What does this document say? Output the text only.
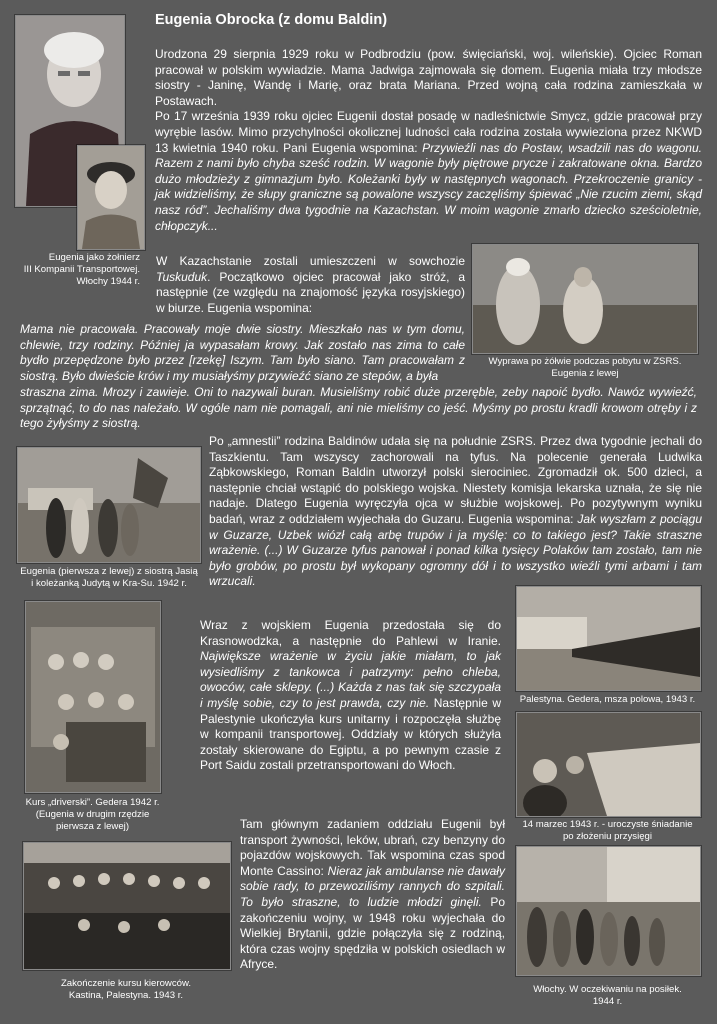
Eugenia Obrocka (z domu Baldin)
Eugenia jako żołnierz
III Kompanii Transportowej.
Włochy 1944 r.

Urodzona 29 sierpnia 1929 roku w Podbrodziu (pow. święciański, woj. wileńskie). Ojciec Roman pracował w polskim wywiadzie. Mama Jadwiga zajmowała się domem. Eugenia miała trzy młodsze siostry - Janinę, Wandę i Marię, oraz brata Mariana. Przed wojną cała rodzina zamieszkała w Postawach.

Po 17 września 1939 roku ojciec Eugenii dostał posadę w nadleśnictwie Smycz, gdzie pracował przy wyrębie lasów. Mimo przychylności okolicznej ludności cała rodzina została wywieziona przez NKWD 13 kwietnia 1940 roku. Pani Eugenia wspomina: Przywieźli nas do Postaw, wsadzili nas do wagonu. Razem z nami było chyba sześć rodzin. W wagonie były piętrowe prycze i zakratowane okna. Bardzo dużo młodzieży z gimnazjum było. Koleżanki były w następnych wagonach. Przekroczenie granicy - jak widzieliśmy, że słupy graniczne są powalone wszyscy zaczęliśmy śpiewać „Nie rzucim ziemi, skąd nasz ród”. Jechaliśmy dwa tygodnie na Kazachstan. W moim wagonie zmarło dziecko sześcioletnie, chłopczyk...

W Kazachstanie zostali umieszczeni w sowchozie Tuskuduk. Początkowo ojciec pracował jako stróż, a następnie (ze względu na znajomość języka rosyjskiego) w biurze. Eugenia wspomina:
Wyprawa po żółwie podczas pobytu w ZSRS.
Eugenia z lewej
Mama nie pracowała. Pracowały moje dwie siostry. Mieszkało nas w tym domu, chlewie, trzy rodziny. Później ja wypasałam krowy. Jak zostało nas zima to całe bydło przepędzone było przez [rzekę] Iszym. Tam było siano. Tam pracowałam z siostrą. Było dwieście krów i my musiałyśmy przywieźć siano ze stepów, a była
straszna zima. Mrozy i zawieje. Oni to nazywali buran. Musieliśmy robić duże przeręble, zeby napoić bydło. Nawóz wywieźć, sprzątnąć, to do nas należało. W ogóle nam nie pomagali, ani nie mieliśmy co jeść. Myśmy po prostu kradli krowom otręby i z tego żyłyśmy z siostrą.
Eugenia (pierwsza z lewej) z siostrą Jasią
i koleżanką Judytą w Kra-Su. 1942 r.
Po „amnestii” rodzina Baldinów udała się na południe ZSRS. Przez dwa tygodnie jechali do Taszkientu. Tam wszyscy zachorowali na tyfus. Na polecenie generała Ludwika Ząbkowskiego, Roman Baldin utworzył polski sierociniec. Zgromadził ok. 500 dzieci, a następnie chciał wstąpić do polskiego wojska. Niestety komisja lekarska uznała, że się nie nadaje. Dlatego Eugenia wyręczyła ojca w służbie wojskowej. Po pozytywnym wyniku badań, wraz z oddziałem wyjechała do Guzaru. Eugenia wspomina: Jak wyszłam z pociągu w Guzarze, Uzbek wiózł całą arbę trupów i ja myślę: co to takiego jest? Takie straszne wrażenie. (...) W Guzarze tyfus panował i ponad kilka tysięcy Polaków tam zostało, tam nie było grobów, po prostu był wykopany ogromny dół i to wszystko wieźli tymi arbami i tam wrzucali.
Kurs „driverski”. Gedera 1942 r.
(Eugenia w drugim rzędzie
pierwsza z lewej)
Wraz z wojskiem Eugenia przedostała się do Krasnowodzka, a następnie do Pahlewi w Iranie. Największe wrażenie w życiu jakie miałam, to jak wysiedliśmy z tankowca i patrzymy: pełno chleba, owoców, całe sklepy. (...) Każda z nas tak się szczypała i myślę sobie, czy to jest prawda, czy nie. Następnie w Palestynie ukończyła kurs unitarny i rozpoczęła służbę w kompanii transportowej. Oddziały w których służyła zostały skierowane do Egiptu, a po pewnym czasie z Port Saidu zostali przetransportowani do Włoch.
Palestyna. Gedera, msza polowa, 1943 r.
14 marzec 1943 r. - uroczyste śniadanie
po złożeniu przysięgi
Zakończenie kursu kierowców.
Kastina, Palestyna. 1943 r.
Tam głównym zadaniem oddziału Eugenii był transport żywności, leków, ubrań, czy benzyny do pojazdów wojskowych. Tak wspomina czas spod Monte Cassino: Nieraz jak ambulanse nie dawały sobie rady, to przewoziliśmy rannych do szpitali. To było straszne, to ludzie młodzi ginęli. Po zakończeniu wojny, w 1948 roku wyjechała do Wielkiej Brytanii, gdzie połączyła się z rodziną, która czas wojny spędziła w polskich osiedlach w Afryce.
Włochy. W oczekiwaniu na posiłek.
1944 r.
